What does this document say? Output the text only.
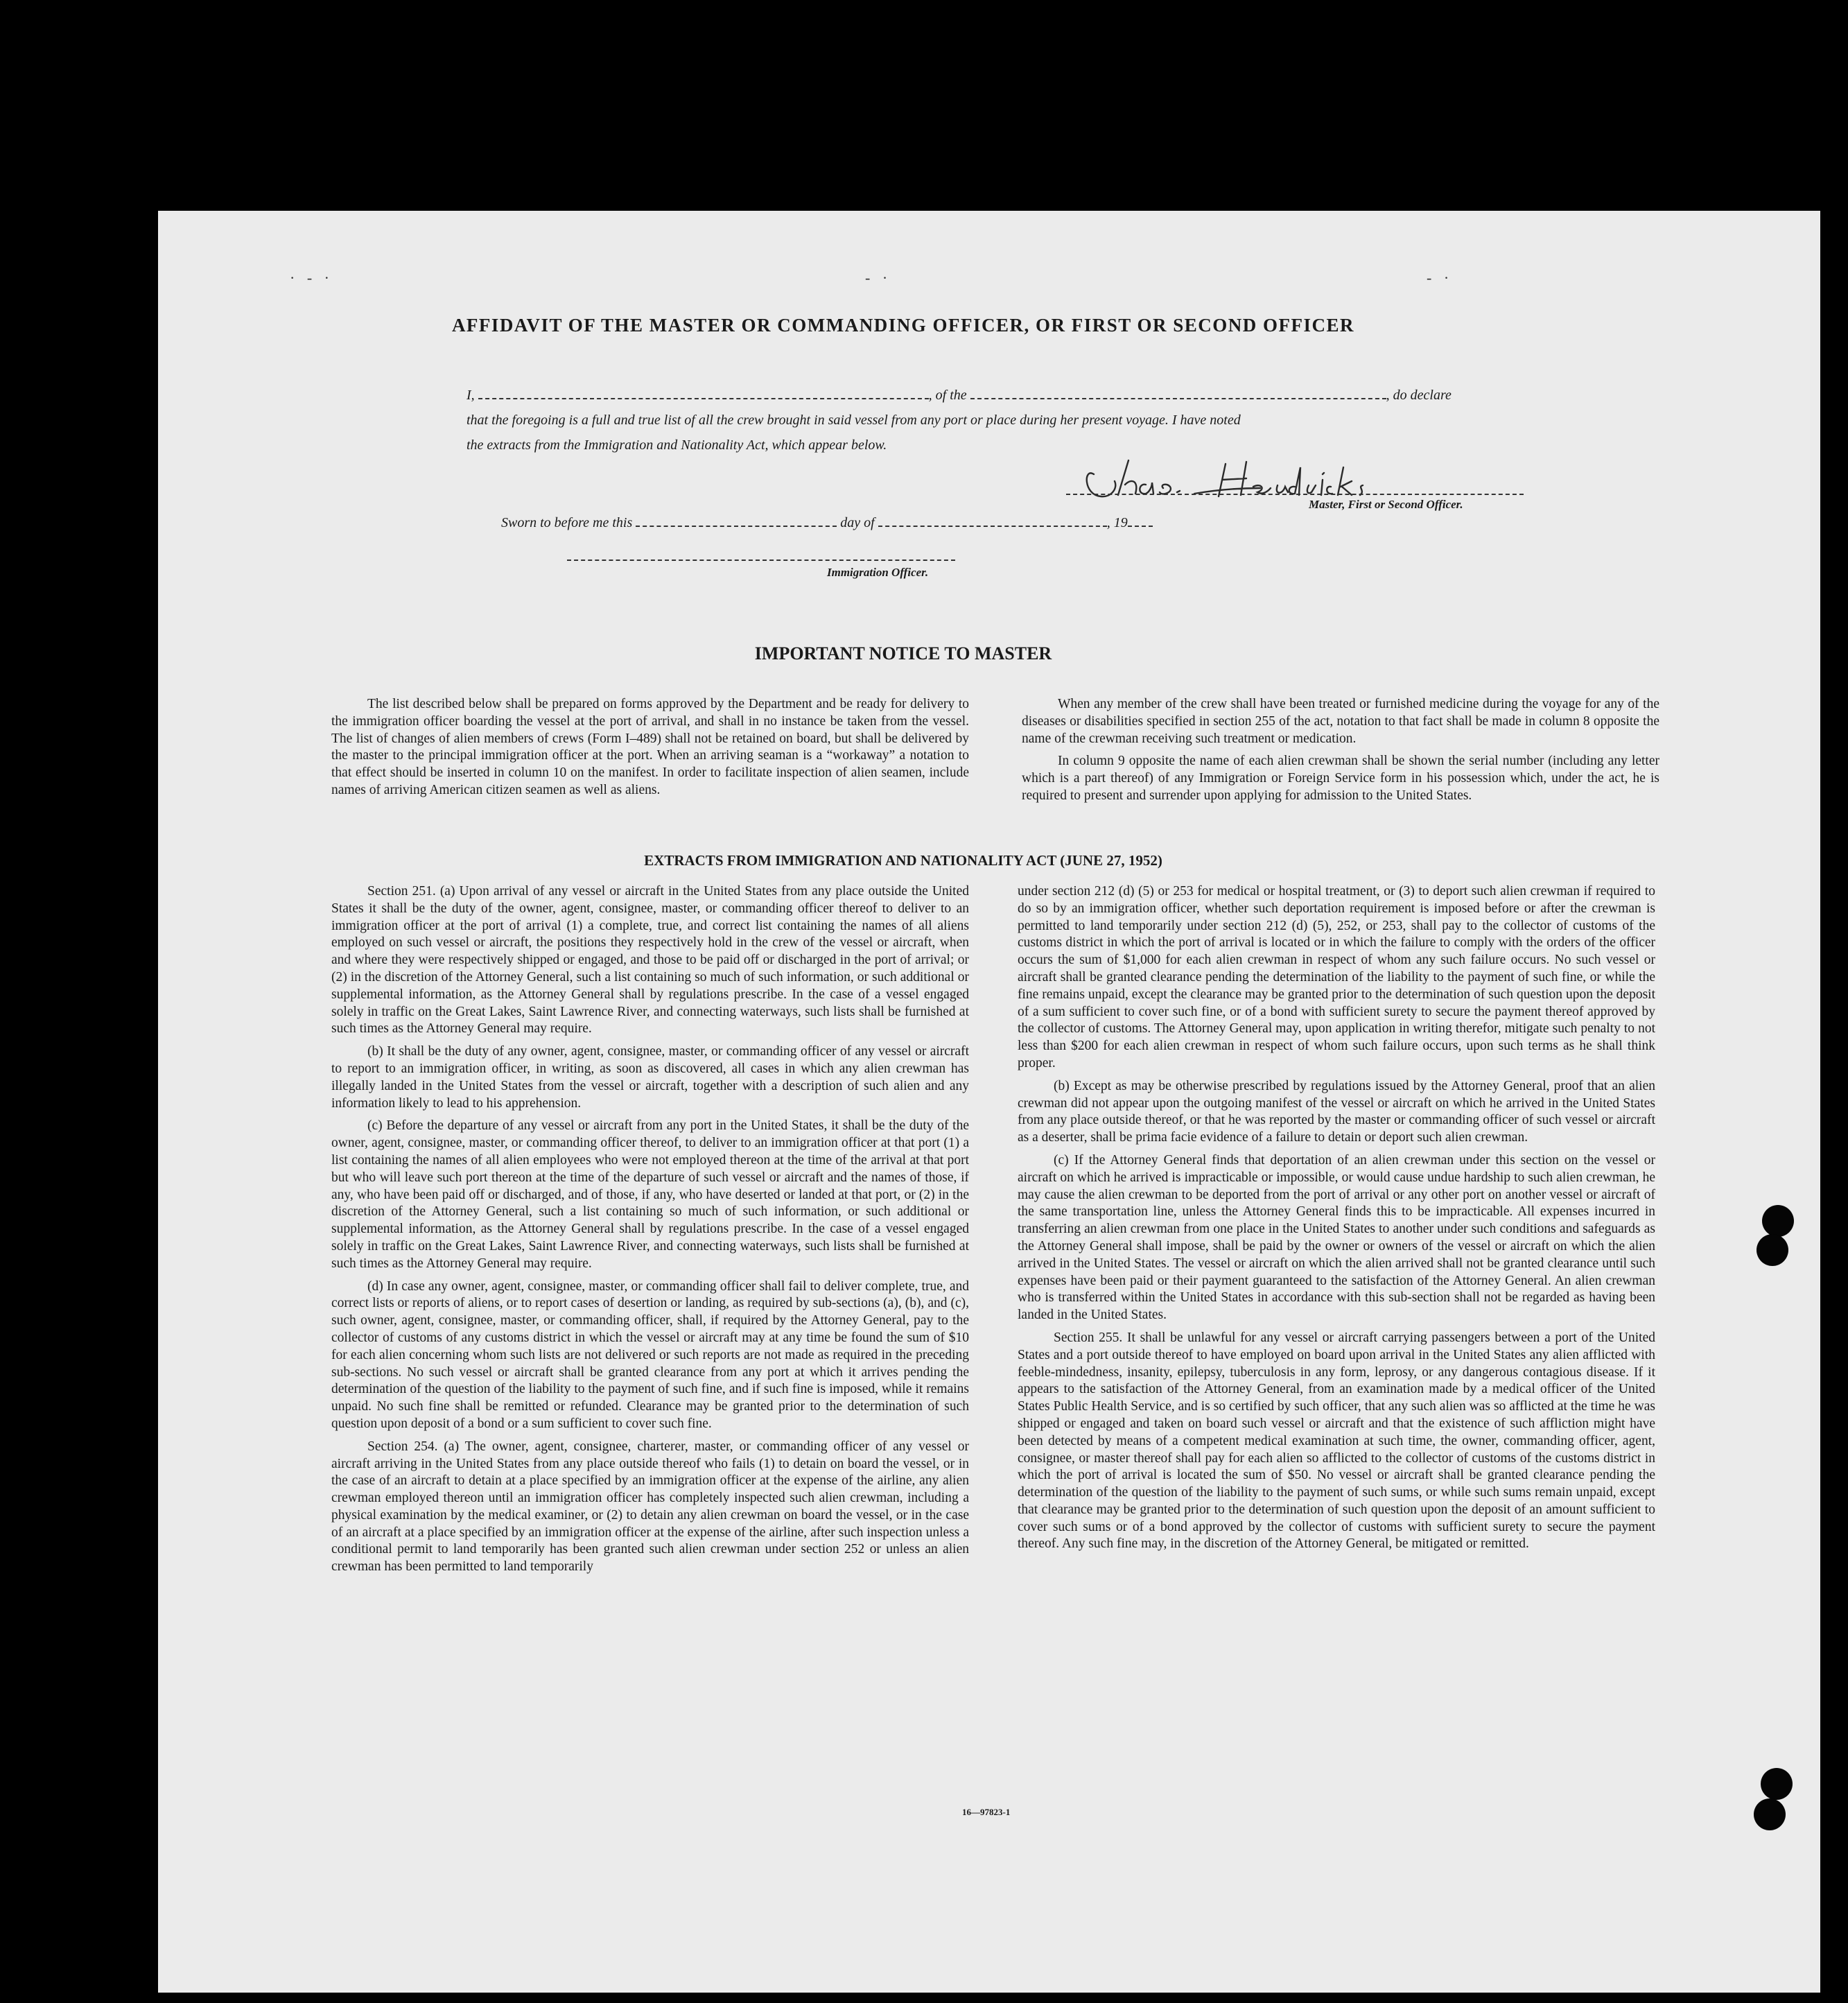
· - ·	- ·	- ·
AFFIDAVIT OF THE MASTER OR COMMANDING OFFICER, OR FIRST OR SECOND OFFICER
I,	, of the	, do declare
that the foregoing is a full and true list of all the crew brought in said vessel from any port or place during her present voyage. I have noted
the extracts from the Immigration and Nationality Act, which appear below.
Master, First or Second Officer.
Sworn to before me this	day of	, 19
Immigration Officer.
IMPORTANT NOTICE TO MASTER

The list described below shall be prepared on forms approved by the Department and be ready for delivery to the immigration officer boarding the vessel at the port of arrival, and shall in no instance be taken from the vessel. The list of changes of alien members of crews (Form I–489) shall not be retained on board, but shall be delivered by the master to the principal immigration officer at the port. When an arriving seaman is a “workaway” a notation to that effect should be inserted in column 10 on the manifest. In order to facilitate inspection of alien seamen, include names of arriving American citizen seamen as well as aliens.

When any member of the crew shall have been treated or furnished medicine during the voyage for any of the diseases or disabilities specified in section 255 of the act, notation to that fact shall be made in column 8 opposite the name of the crewman receiving such treatment or medication.

In column 9 opposite the name of each alien crewman shall be shown the serial number (including any letter which is a part thereof) of any Immigration or Foreign Service form in his possession which, under the act, he is required to present and surrender upon applying for admission to the United States.

EXTRACTS FROM IMMIGRATION AND NATIONALITY ACT (JUNE 27, 1952)

Section 251. (a) Upon arrival of any vessel or aircraft in the United States from any place outside the United States it shall be the duty of the owner, agent, consignee, master, or commanding officer thereof to deliver to an immigration officer at the port of arrival (1) a complete, true, and correct list containing the names of all aliens employed on such vessel or aircraft, the positions they respectively hold in the crew of the vessel or aircraft, when and where they were respectively shipped or engaged, and those to be paid off or discharged in the port of arrival; or (2) in the discretion of the Attorney General, such a list containing so much of such information, or such additional or supplemental information, as the Attorney General shall by regulations prescribe. In the case of a vessel engaged solely in traffic on the Great Lakes, Saint Lawrence River, and connecting waterways, such lists shall be furnished at such times as the Attorney General may require.

(b) It shall be the duty of any owner, agent, consignee, master, or commanding officer of any vessel or aircraft to report to an immigration officer, in writing, as soon as discovered, all cases in which any alien crewman has illegally landed in the United States from the vessel or aircraft, together with a description of such alien and any information likely to lead to his apprehension.

(c) Before the departure of any vessel or aircraft from any port in the United States, it shall be the duty of the owner, agent, consignee, master, or commanding officer thereof, to deliver to an immigration officer at that port (1) a list containing the names of all alien employees who were not employed thereon at the time of the arrival at that port but who will leave such port thereon at the time of the departure of such vessel or aircraft and the names of those, if any, who have been paid off or discharged, and of those, if any, who have deserted or landed at that port, or (2) in the discretion of the Attorney General, such a list containing so much of such information, or such additional or supplemental information, as the Attorney General shall by regulations prescribe. In the case of a vessel engaged solely in traffic on the Great Lakes, Saint Lawrence River, and connecting waterways, such lists shall be furnished at such times as the Attorney General may require.

(d) In case any owner, agent, consignee, master, or commanding officer shall fail to deliver complete, true, and correct lists or reports of aliens, or to report cases of desertion or landing, as required by sub-sections (a), (b), and (c), such owner, agent, consignee, master, or commanding officer, shall, if required by the Attorney General, pay to the collector of customs of any customs district in which the vessel or aircraft may at any time be found the sum of $10 for each alien concerning whom such lists are not delivered or such reports are not made as required in the preceding sub-sections. No such vessel or aircraft shall be granted clearance from any port at which it arrives pending the determination of the question of the liability to the payment of such fine, and if such fine is imposed, while it remains unpaid. No such fine shall be remitted or refunded. Clearance may be granted prior to the determination of such question upon deposit of a bond or a sum sufficient to cover such fine.

Section 254. (a) The owner, agent, consignee, charterer, master, or commanding officer of any vessel or aircraft arriving in the United States from any place outside thereof who fails (1) to detain on board the vessel, or in the case of an aircraft to detain at a place specified by an immigration officer at the expense of the airline, any alien crewman employed thereon until an immigration officer has completely inspected such alien crewman, including a physical examination by the medical examiner, or (2) to detain any alien crewman on board the vessel, or in the case of an aircraft at a place specified by an immigration officer at the expense of the airline, after such inspection unless a conditional permit to land temporarily has been granted such alien crewman under section 252 or unless an alien crewman has been permitted to land temporarily

under section 212 (d) (5) or 253 for medical or hospital treatment, or (3) to deport such alien crewman if required to do so by an immigration officer, whether such deportation requirement is imposed before or after the crewman is permitted to land temporarily under section 212 (d) (5), 252, or 253, shall pay to the collector of customs of the customs district in which the port of arrival is located or in which the failure to comply with the orders of the officer occurs the sum of $1,000 for each alien crewman in respect of whom any such failure occurs. No such vessel or aircraft shall be granted clearance pending the determination of the liability to the payment of such fine, or while the fine remains unpaid, except the clearance may be granted prior to the determination of such question upon the deposit of a sum sufficient to cover such fine, or of a bond with sufficient surety to secure the payment thereof approved by the collector of customs. The Attorney General may, upon application in writing therefor, mitigate such penalty to not less than $200 for each alien crewman in respect of whom such failure occurs, upon such terms as he shall think proper.

(b) Except as may be otherwise prescribed by regulations issued by the Attorney General, proof that an alien crewman did not appear upon the outgoing manifest of the vessel or aircraft on which he arrived in the United States from any place outside thereof, or that he was reported by the master or commanding officer of such vessel or aircraft as a deserter, shall be prima facie evidence of a failure to detain or deport such alien crewman.

(c) If the Attorney General finds that deportation of an alien crewman under this section on the vessel or aircraft on which he arrived is impracticable or impossible, or would cause undue hardship to such alien crewman, he may cause the alien crewman to be deported from the port of arrival or any other port on another vessel or aircraft of the same transportation line, unless the Attorney General finds this to be impracticable. All expenses incurred in transferring an alien crewman from one place in the United States to another under such conditions and safeguards as the Attorney General shall impose, shall be paid by the owner or owners of the vessel or aircraft on which the alien arrived in the United States. The vessel or aircraft on which the alien arrived shall not be granted clearance until such expenses have been paid or their payment guaranteed to the satisfaction of the Attorney General. An alien crewman who is transferred within the United States in accordance with this sub-section shall not be regarded as having been landed in the United States.

Section 255. It shall be unlawful for any vessel or aircraft carrying passengers between a port of the United States and a port outside thereof to have employed on board upon arrival in the United States any alien afflicted with feeble-mindedness, insanity, epilepsy, tuberculosis in any form, leprosy, or any dangerous contagious disease. If it appears to the satisfaction of the Attorney General, from an examination made by a medical officer of the United States Public Health Service, and is so certified by such officer, that any such alien was so afflicted at the time he was shipped or engaged and taken on board such vessel or aircraft and that the existence of such affliction might have been detected by means of a competent medical examination at such time, the owner, commanding officer, agent, consignee, or master thereof shall pay for each alien so afflicted to the collector of customs of the customs district in which the port of arrival is located the sum of $50. No vessel or aircraft shall be granted clearance pending the determination of the question of the liability to the payment of such sums, or while such sums remain unpaid, except that clearance may be granted prior to the determination of such question upon the deposit of an amount sufficient to cover such sums or of a bond approved by the collector of customs with sufficient surety to secure the payment thereof. Any such fine may, in the discretion of the Attorney General, be mitigated or remitted.

16—97823-1
